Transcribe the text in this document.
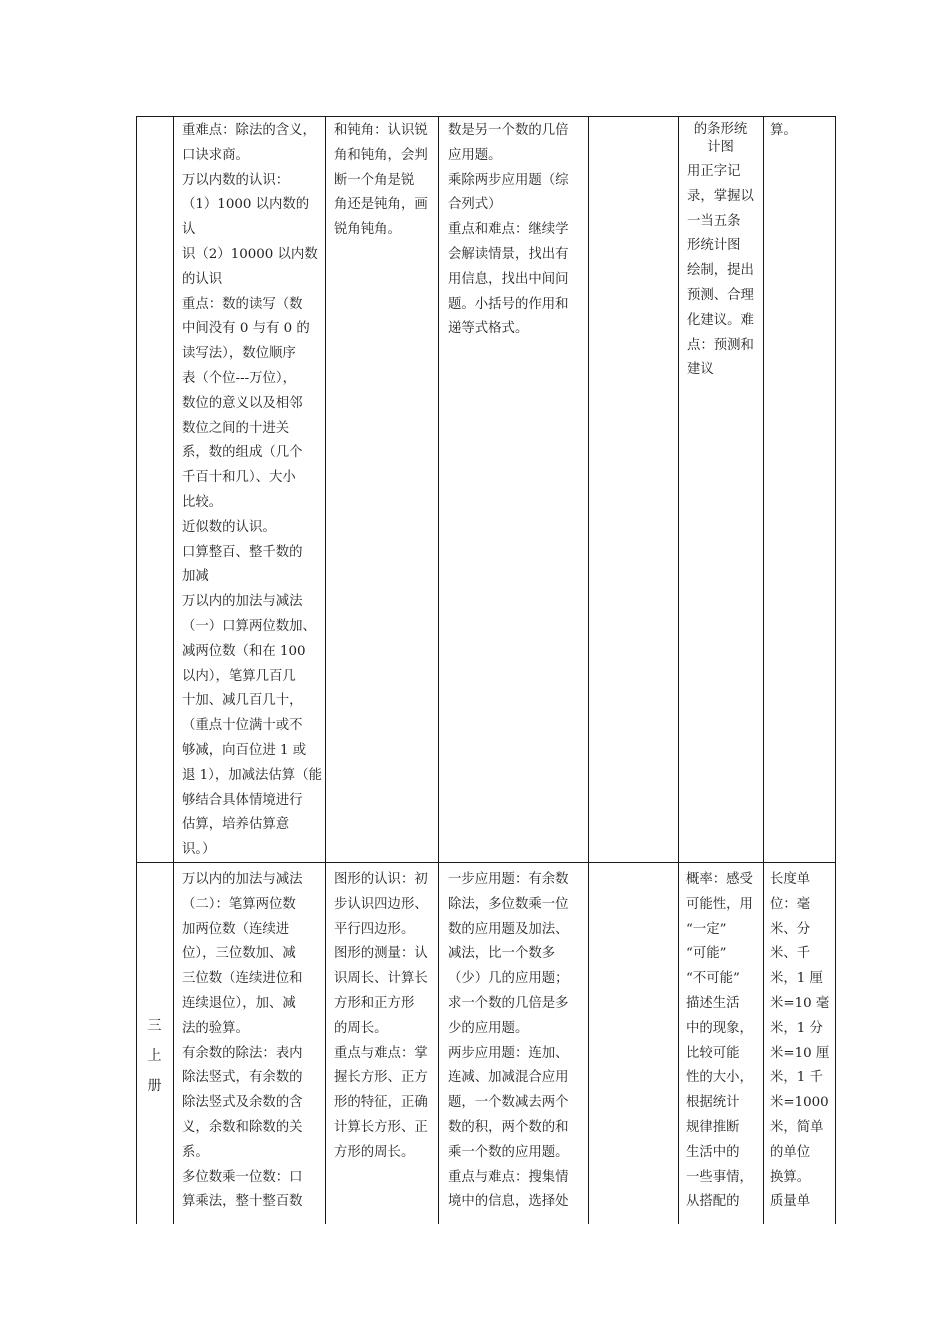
重难点：除法的含义，

口诀求商。

万以内数的认识：

（1）1000 以内数的认

识（2）10000 以内数

的认识

重点：数的读写（数

中间没有 0 与有 0 的

读写法），数位顺序

表（个位---万位），

数位的意义以及相邻

数位之间的十进关

系，数的组成（几个

千百十和几）、大小

比较。

近似数的认识。

口算整百、整千数的

加减

万以内的加法与减法

（一）口算两位数加、

减两位数（和在 100

以内），笔算几百几

十加、减几百几十，

（重点十位满十或不

够减，向百位进 1 或

退 1），加减法估算（能

够结合具体情境进行

估算，培养估算意

识。）

和钝角：认识锐

角和钝角，会判

断一个角是锐

角还是钝角，画

锐角钝角。

数是另一个数的几倍

应用题。

乘除两步应用题（综

合列式）

重点和难点：继续学

会解读情景，找出有

用信息，找出中间问

题。小括号的作用和

递等式格式。

的条形统
计图

用正字记

录，掌握以

一当五条

形统计图

绘制，提出

预测、合理

化建议。难

点：预测和

建议

算。

三
上
册

万以内的加法与减法

（二）：笔算两位数

加两位数（连续进

位），三位数加、减

三位数（连续进位和

连续退位），加、减

法的验算。

有余数的除法：表内

除法竖式，有余数的

除法竖式及余数的含

义，余数和除数的关

系。

多位数乘一位数：口

算乘法，整十整百数

图形的认识：初

步认识四边形、

平行四边形。

图形的测量：认

识周长、计算长

方形和正方形

的周长。

重点与难点：掌

握长方形、正方

形的特征，正确

计算长方形、正

方形的周长。

一步应用题：有余数

除法，多位数乘一位

数的应用题及加法、

减法，比一个数多

（少）几的应用题；

求一个数的几倍是多

少的应用题。

两步应用题：连加、

连减、加减混合应用

题，一个数减去两个

数的积，两个数的和

乘一个数的应用题。

重点与难点：搜集情

境中的信息，选择处

概率：感受

可能性，用

“一定”

“可能”

“不可能”

描述生活

中的现象，

比较可能

性的大小，

根据统计

规律推断

生活中的

一些事情，

从搭配的

长度单

位：毫

米、分

米、千

米，1 厘

米=10 毫

米，1 分

米=10 厘

米，1 千

米=1000

米，简单

的单位

换算。

质量单
